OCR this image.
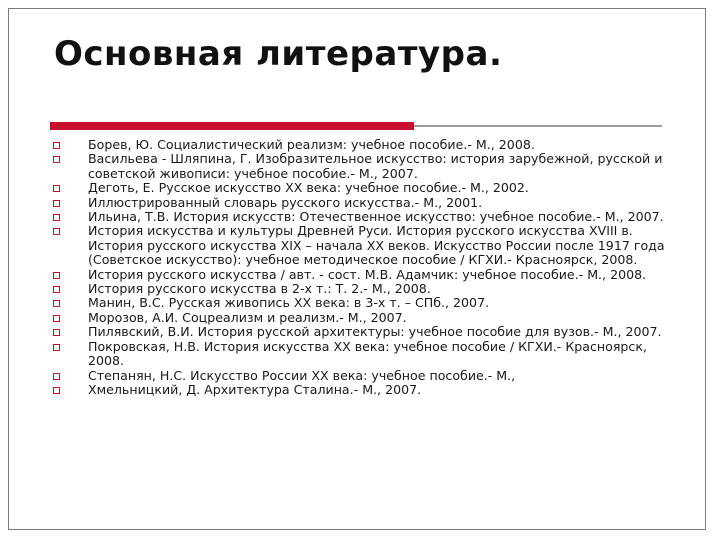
Основная литература.
Борев, Ю. Социалистический реализм: учебное пособие.- М., 2008.
Васильева - Шляпина, Г. Изобразительное искусство: история зарубежной, русской и советской живописи: учебное пособие.- М., 2007.
Деготь, Е. Русское искусство XX века: учебное пособие.- М., 2002.
Иллюстрированный словарь русского искусства.- М., 2001.
Ильина, Т.В. История искусств: Отечественное искусство: учебное пособие.- М., 2007.
История искусства и культуры Древней Руси. История русского искусства XVIII в. История русского искусства XIX – начала XX веков. Искусство России после 1917 года (Советское искусство): учебное методическое пособие / КГХИ.- Красноярск, 2008.
История русского искусства / авт. - сост. М.В. Адамчик: учебное пособие.- М., 2008.
История русского искусства в 2-х т.: Т. 2.- М., 2008.
Манин, В.С. Русская живопись XX века: в 3-х т. – СПб., 2007.
Морозов, А.И. Соцреализм и реализм.- М., 2007.
Пилявский, В.И. История русской архитектуры: учебное пособие для вузов.- М., 2007.
Покровская, Н.В. История искусства XX века: учебное пособие / КГХИ.- Красноярск, 2008.
Степанян, Н.С. Искусство России XX века: учебное пособие.- М.,
Хмельницкий, Д. Архитектура Сталина.- М., 2007.
